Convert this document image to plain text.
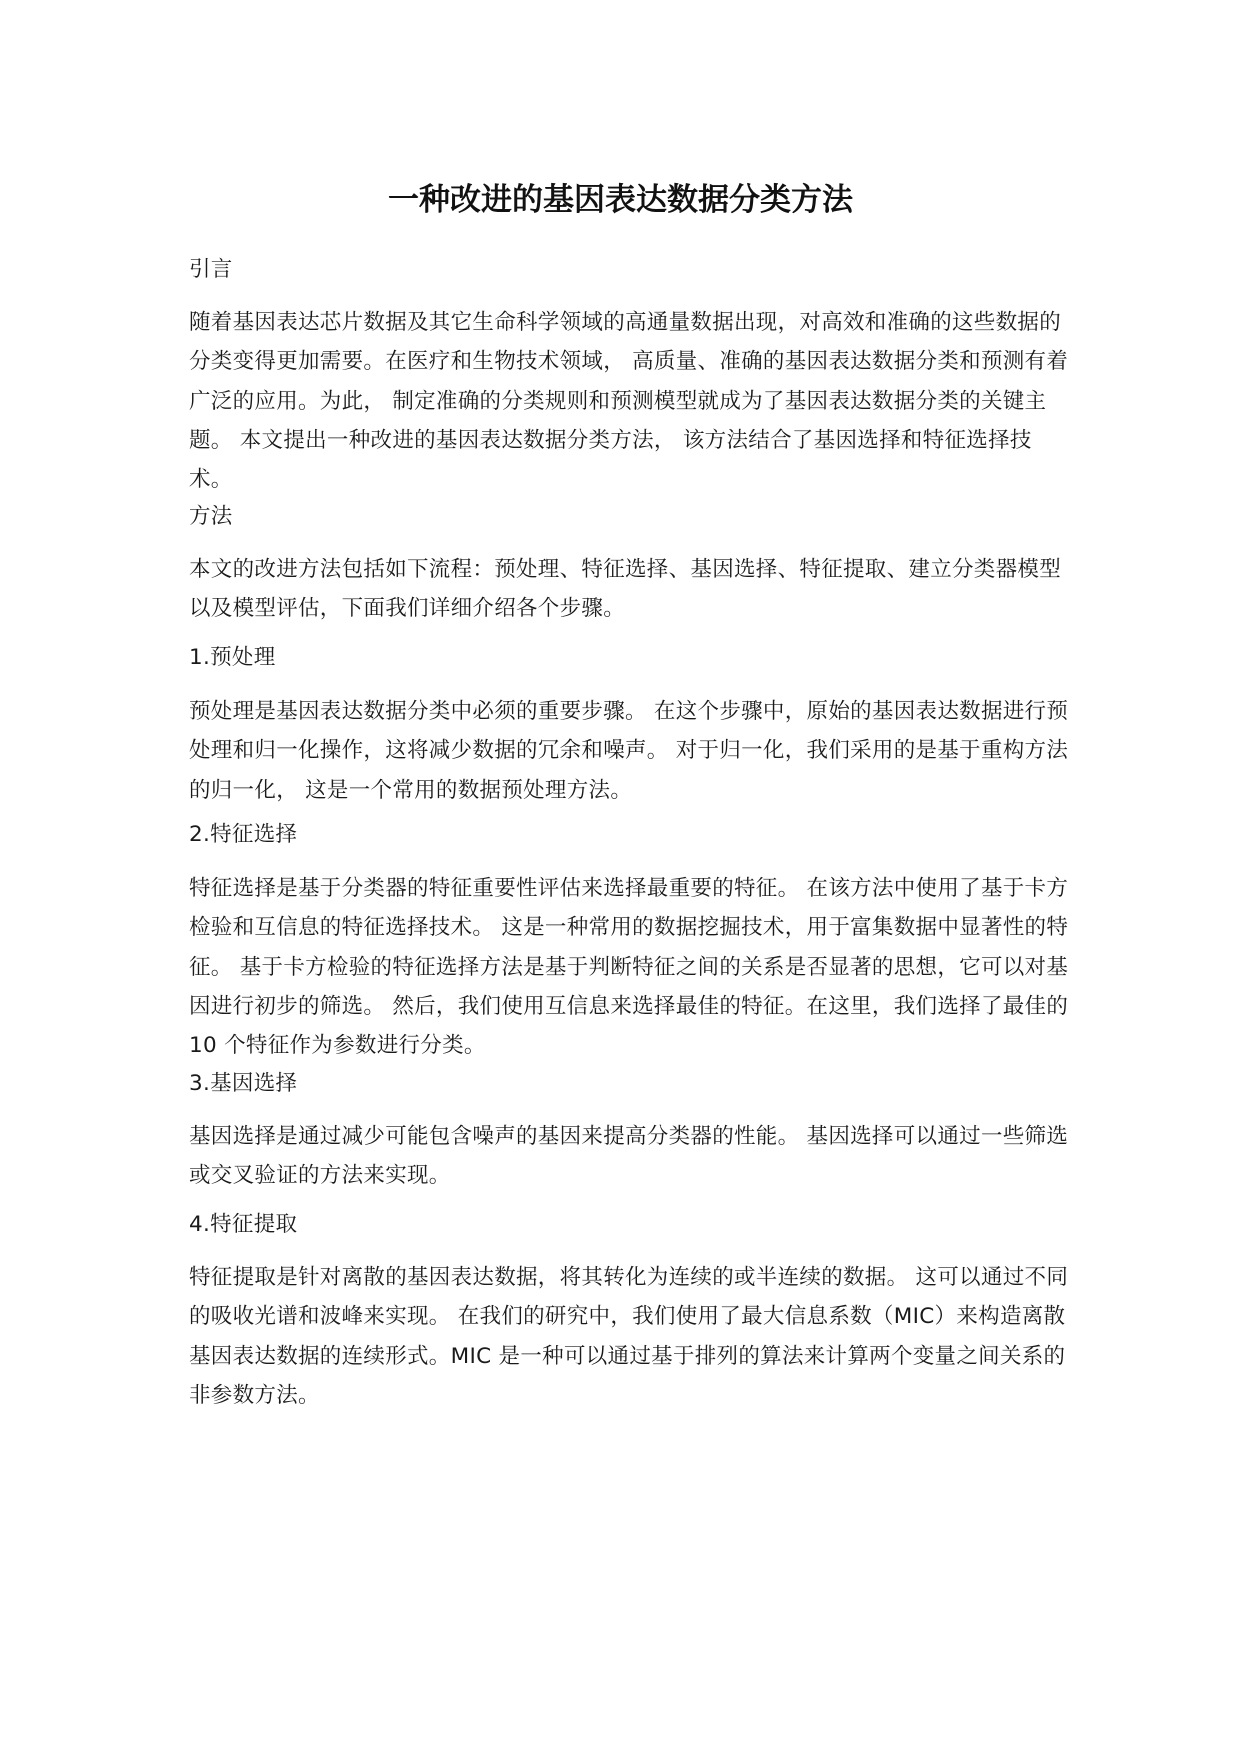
一种改进的基因表达数据分类方法

引言

随着基因表达芯片数据及其它生命科学领域的高通量数据出现，对高效和准确的这些数据的分类变得更加需要。在医疗和生物技术领域， 高质量、准确的基因表达数据分类和预测有着广泛的应用。为此， 制定准确的分类规则和预测模型就成为了基因表达数据分类的关键主题。 本文提出一种改进的基因表达数据分类方法， 该方法结合了基因选择和特征选择技术。

方法

本文的改进方法包括如下流程：预处理、特征选择、基因选择、特征提取、建立分类器模型以及模型评估，下面我们详细介绍各个步骤。

1.预处理

预处理是基因表达数据分类中必须的重要步骤。 在这个步骤中，原始的基因表达数据进行预处理和归一化操作，这将减少数据的冗余和噪声。 对于归一化，我们采用的是基于重构方法的归一化， 这是一个常用的数据预处理方法。

2.特征选择

特征选择是基于分类器的特征重要性评估来选择最重要的特征。 在该方法中使用了基于卡方检验和互信息的特征选择技术。 这是一种常用的数据挖掘技术，用于富集数据中显著性的特征。 基于卡方检验的特征选择方法是基于判断特征之间的关系是否显著的思想，它可以对基因进行初步的筛选。 然后，我们使用互信息来选择最佳的特征。在这里，我们选择了最佳的 10 个特征作为参数进行分类。

3.基因选择

基因选择是通过减少可能包含噪声的基因来提高分类器的性能。 基因选择可以通过一些筛选或交叉验证的方法来实现。

4.特征提取

特征提取是针对离散的基因表达数据，将其转化为连续的或半连续的数据。 这可以通过不同的吸收光谱和波峰来实现。 在我们的研究中，我们使用了最大信息系数（MIC）来构造离散基因表达数据的连续形式。MIC 是一种可以通过基于排列的算法来计算两个变量之间关系的非参数方法。
